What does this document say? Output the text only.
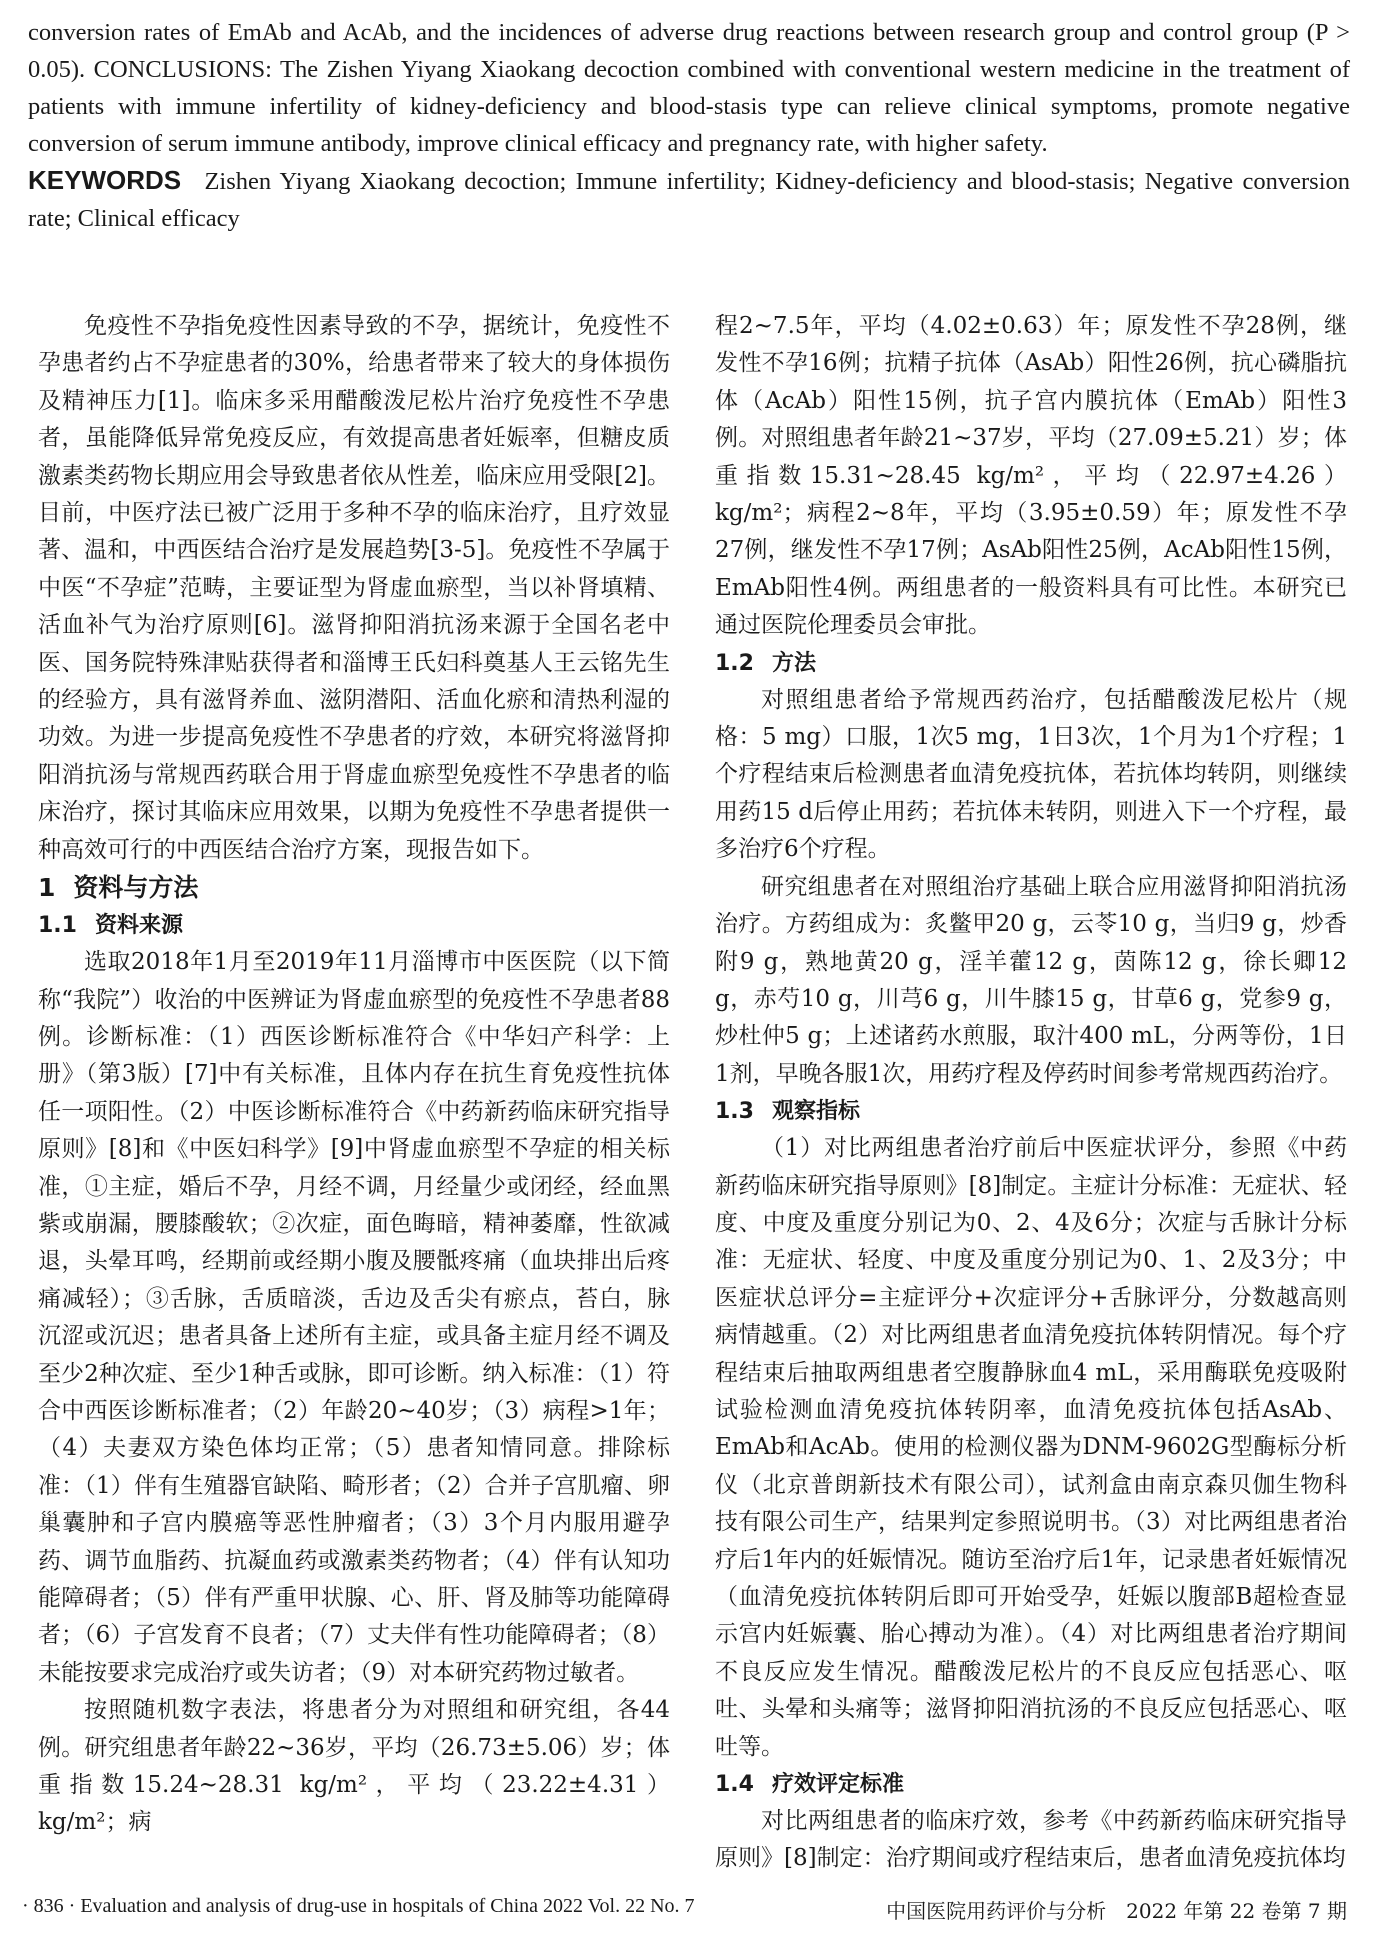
conversion rates of EmAb and AcAb, and the incidences of adverse drug reactions between research group and control group (P > 0.05). CONCLUSIONS: The Zishen Yiyang Xiaokang decoction combined with conventional western medicine in the treatment of patients with immune infertility of kidney-deficiency and blood-stasis type can relieve clinical symptoms, promote negative conversion of serum immune antibody, improve clinical efficacy and pregnancy rate, with higher safety.

KEYWORDS Zishen Yiyang Xiaokang decoction; Immune infertility; Kidney-deficiency and blood-stasis; Negative conversion rate; Clinical efficacy

免疫性不孕指免疫性因素导致的不孕，据统计，免疫性不孕患者约占不孕症患者的30%，给患者带来了较大的身体损伤及精神压力[1]。临床多采用醋酸泼尼松片治疗免疫性不孕患者，虽能降低异常免疫反应，有效提高患者妊娠率，但糖皮质激素类药物长期应用会导致患者依从性差，临床应用受限[2]。目前，中医疗法已被广泛用于多种不孕的临床治疗，且疗效显著、温和，中西医结合治疗是发展趋势[3-5]。免疫性不孕属于中医“不孕症”范畴，主要证型为肾虚血瘀型，当以补肾填精、活血补气为治疗原则[6]。滋肾抑阳消抗汤来源于全国名老中医、国务院特殊津贴获得者和淄博王氏妇科奠基人王云铭先生的经验方，具有滋肾养血、滋阴潜阳、活血化瘀和清热利湿的功效。为进一步提高免疫性不孕患者的疗效，本研究将滋肾抑阳消抗汤与常规西药联合用于肾虚血瘀型免疫性不孕患者的临床治疗，探讨其临床应用效果，以期为免疫性不孕患者提供一种高效可行的中西医结合治疗方案，现报告如下。

1 资料与方法

1.1 资料来源

选取2018年1月至2019年11月淄博市中医医院（以下简称“我院”）收治的中医辨证为肾虚血瘀型的免疫性不孕患者88例。诊断标准：（1）西医诊断标准符合《中华妇产科学：上册》（第3版）[7]中有关标准，且体内存在抗生育免疫性抗体任一项阳性。（2）中医诊断标准符合《中药新药临床研究指导原则》[8]和《中医妇科学》[9]中肾虚血瘀型不孕症的相关标准，①主症，婚后不孕，月经不调，月经量少或闭经，经血黑紫或崩漏，腰膝酸软；②次症，面色晦暗，精神萎靡，性欲减退，头晕耳鸣，经期前或经期小腹及腰骶疼痛（血块排出后疼痛减轻）；③舌脉，舌质暗淡，舌边及舌尖有瘀点，苔白，脉沉涩或沉迟；患者具备上述所有主症，或具备主症月经不调及至少2种次症、至少1种舌或脉，即可诊断。纳入标准：（1）符合中西医诊断标准者；（2）年龄20~40岁；（3）病程>1年；（4）夫妻双方染色体均正常；（5）患者知情同意。排除标准：（1）伴有生殖器官缺陷、畸形者；（2）合并子宫肌瘤、卵巢囊肿和子宫内膜癌等恶性肿瘤者；（3）3个月内服用避孕药、调节血脂药、抗凝血药或激素类药物者；（4）伴有认知功能障碍者；（5）伴有严重甲状腺、心、肝、肾及肺等功能障碍者；（6）子宫发育不良者；（7）丈夫伴有性功能障碍者；（8）未能按要求完成治疗或失访者；（9）对本研究药物过敏者。

按照随机数字表法，将患者分为对照组和研究组，各44例。研究组患者年龄22~36岁，平均（26.73±5.06）岁；体重指数15.24~28.31 kg/m²，平均（23.22±4.31）kg/m²；病

程2~7.5年，平均（4.02±0.63）年；原发性不孕28例，继发性不孕16例；抗精子抗体（AsAb）阳性26例，抗心磷脂抗体（AcAb）阳性15例，抗子宫内膜抗体（EmAb）阳性3例。对照组患者年龄21~37岁，平均（27.09±5.21）岁；体重指数15.31~28.45 kg/m²，平均（22.97±4.26）kg/m²；病程2~8年，平均（3.95±0.59）年；原发性不孕27例，继发性不孕17例；AsAb阳性25例，AcAb阳性15例，EmAb阳性4例。两组患者的一般资料具有可比性。本研究已通过医院伦理委员会审批。

1.2 方法

对照组患者给予常规西药治疗，包括醋酸泼尼松片（规格：5 mg）口服，1次5 mg，1日3次，1个月为1个疗程；1个疗程结束后检测患者血清免疫抗体，若抗体均转阴，则继续用药15 d后停止用药；若抗体未转阴，则进入下一个疗程，最多治疗6个疗程。

研究组患者在对照组治疗基础上联合应用滋肾抑阳消抗汤治疗。方药组成为：炙鳖甲20 g，云苓10 g，当归9 g，炒香附9 g，熟地黄20 g，淫羊藿12 g，茵陈12 g，徐长卿12 g，赤芍10 g，川芎6 g，川牛膝15 g，甘草6 g，党参9 g，炒杜仲5 g；上述诸药水煎服，取汁400 mL，分两等份，1日1剂，早晚各服1次，用药疗程及停药时间参考常规西药治疗。

1.3 观察指标

（1）对比两组患者治疗前后中医症状评分，参照《中药新药临床研究指导原则》[8]制定。主症计分标准：无症状、轻度、中度及重度分别记为0、2、4及6分；次症与舌脉计分标准：无症状、轻度、中度及重度分别记为0、1、2及3分；中医症状总评分=主症评分+次症评分+舌脉评分，分数越高则病情越重。（2）对比两组患者血清免疫抗体转阴情况。每个疗程结束后抽取两组患者空腹静脉血4 mL，采用酶联免疫吸附试验检测血清免疫抗体转阴率，血清免疫抗体包括AsAb、EmAb和AcAb。使用的检测仪器为DNM-9602G型酶标分析仪（北京普朗新技术有限公司），试剂盒由南京森贝伽生物科技有限公司生产，结果判定参照说明书。（3）对比两组患者治疗后1年内的妊娠情况。随访至治疗后1年，记录患者妊娠情况（血清免疫抗体转阴后即可开始受孕，妊娠以腹部B超检查显示宫内妊娠囊、胎心搏动为准）。（4）对比两组患者治疗期间不良反应发生情况。醋酸泼尼松片的不良反应包括恶心、呕吐、头晕和头痛等；滋肾抑阳消抗汤的不良反应包括恶心、呕吐等。

1.4 疗效评定标准

对比两组患者的临床疗效，参考《中药新药临床研究指导原则》[8]制定：治疗期间或疗程结束后，患者血清免疫抗体均

· 836 · Evaluation and analysis of drug-use in hospitals of China 2022 Vol. 22 No. 7	中国医院用药评价与分析　2022 年第 22 卷第 7 期
